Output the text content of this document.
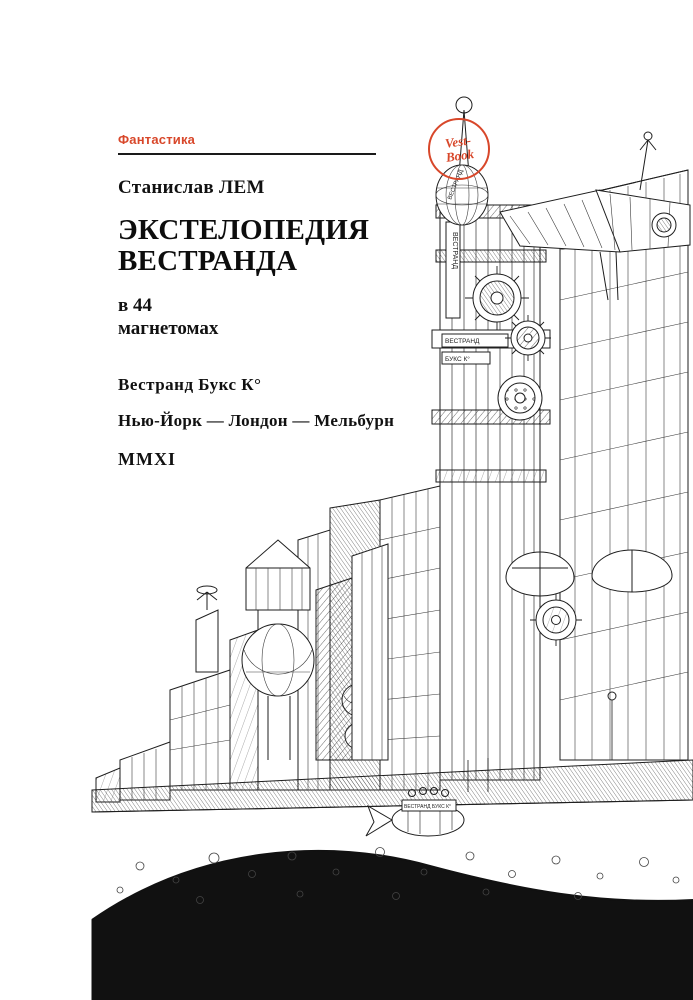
ВЕСТРАНД
ВЕСТРАНД
БУКС К°
ВЕСТРАНД
ВЕСТРАНД БУКС К°
Vest-
Book
Фантастика
Станислав ЛЕМ
ЭКСТЕЛОПЕДИЯ
ВЕСТРАНДА
в 44
магнетомах
Вестранд Букс К°
Нью-Йорк — Лондон — Мельбурн
MMXI
